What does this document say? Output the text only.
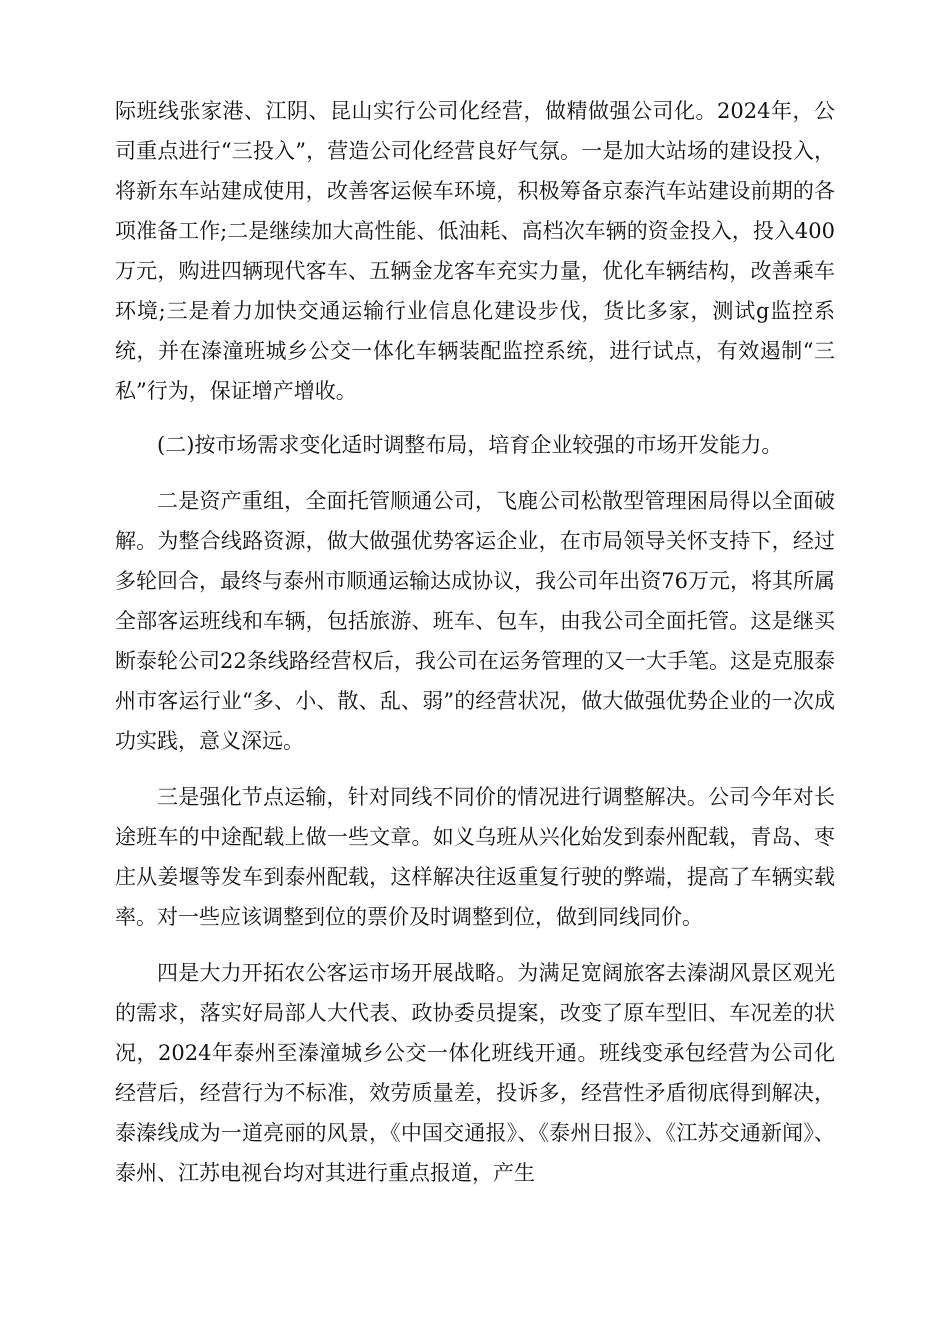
际班线张家港、江阴、昆山实行公司化经营，做精做强公司化。2024年，公司重点进行“三投入”，营造公司化经营良好气氛。一是加大站场的建设投入，将新东车站建成使用，改善客运候车环境，积极筹备京泰汽车站建设前期的各项准备工作;二是继续加大高性能、低油耗、高档次车辆的资金投入，投入400万元，购进四辆现代客车、五辆金龙客车充实力量，优化车辆结构，改善乘车环境;三是着力加快交通运输行业信息化建设步伐，货比多家，测试g监控系统，并在溱潼班城乡公交一体化车辆装配监控系统，进行试点，有效遏制“三私”行为，保证增产增收。

(二)按市场需求变化适时调整布局，培育企业较强的市场开发能力。

二是资产重组，全面托管顺通公司，飞鹿公司松散型管理困局得以全面破解。为整合线路资源，做大做强优势客运企业，在市局领导关怀支持下，经过多轮回合，最终与泰州市顺通运输达成协议，我公司年出资76万元，将其所属全部客运班线和车辆，包括旅游、班车、包车，由我公司全面托管。这是继买断泰轮公司22条线路经营权后，我公司在运务管理的又一大手笔。这是克服泰州市客运行业“多、小、散、乱、弱”的经营状况，做大做强优势企业的一次成功实践，意义深远。

三是强化节点运输，针对同线不同价的情况进行调整解决。公司今年对长途班车的中途配载上做一些文章。如义乌班从兴化始发到泰州配载，青岛、枣庄从姜堰等发车到泰州配载，这样解决往返重复行驶的弊端，提高了车辆实载率。对一些应该调整到位的票价及时调整到位，做到同线同价。

四是大力开拓农公客运市场开展战略。为满足宽阔旅客去溱湖风景区观光的需求，落实好局部人大代表、政协委员提案，改变了原车型旧、车况差的状况，2024年泰州至溱潼城乡公交一体化班线开通。班线变承包经营为公司化经营后，经营行为不标准，效劳质量差，投诉多，经营性矛盾彻底得到解决，泰溱线成为一道亮丽的风景，《中国交通报》、《泰州日报》、《江苏交通新闻》、泰州、江苏电视台均对其进行重点报道，产生
